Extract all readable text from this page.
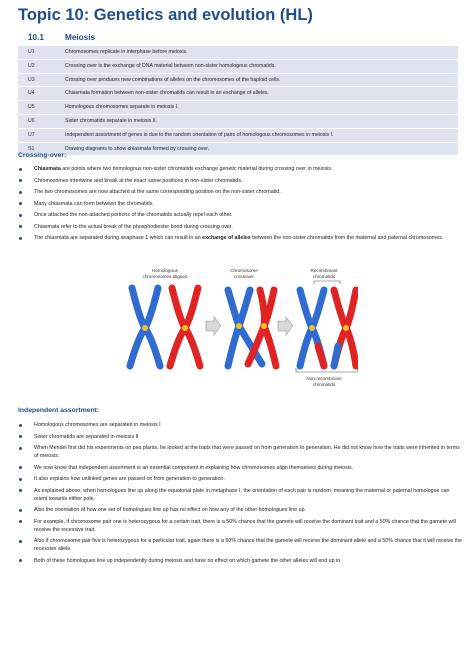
Topic 10: Genetics and evolution (HL)
10.1	Meiosis
U1	Chromosomes replicate in interphase before meiosis.
U2	Crossing over is the exchange of DNA material between non-sister homologous chromatids.
U3	Crossing over produces new combinations of alleles on the chromosomes of the haploid cells.
U4	Chiasmata formation between non-sister chromatids can result in an exchange of alleles.
U5	Homologous chromosomes separate in meiosis I.
U6	Sister chromatids separate in meiosis II.
U7	Independent assortment of genes is due to the random orientation of pairs of homologous chromosomes in meiosis I.
S1	Drawing diagrams to show chiasmata formed by crossing over.
Crossing-over:
Chiasmata are points where two homologous non-sister chromatids exchange genetic material during crossing over in meiosis.
Chromosomes intertwine and break at the exact same positions in non-sister chromatids.
The two chromosomes are now attached at the same corresponding position on the non-sister chromatid.
Many chiasmata can form between the chromatids.
Once attached the non-attached portions of the chromatids actually repel each other.
Chiasmata refer to the actual break of the phosphodiester bond during crossing over.
The chiasmata are separated during anaphase 1 which can result in an exchange of alleles between the non-sister chromatids from the maternal and paternal chromosomes.
Homologous chromosomes aligned
Chromosome crossover
Recombinant chromatids
Non-recombinant chromatids
Independent assortment:
Homologous chromosomes are separated in meiosis I
Sister chromatids are separated in meiosis II
When Mendel first did his experiments on pea plants, he looked at the traits that were passed on from generation to generation. He did not know how the traits were inherited in terms of meiosis.
We now know that independent assortment is an essential component in explaining how chromosomes align themselves during meiosis.
It also explains how unlinked genes are passed on from generation to generation.
As explained above, when homologues line up along the equatorial plate in metaphase I, the orientation of each pair is random; meaning the maternal or paternal homologue can orient towards either pole.
Also the orientation of how one set of homologues line up has no effect on how any of the other homologues line up.
For example, if chromosome pair one is heterozygous for a certain trait, there is a 50% chance that the gamete will receive the dominant trait and a 50% chance that the gamete will receive the recessive trait.
Also if chromosome pair five is heterozygous for a particular trait, again there is a 50% chance that the gamete will receive the dominant allele and a 50% chance that it will receive the recessive allele.
Both of these homologues line up independently during meiosis and have no effect on which gamete the other alleles will end up in.
